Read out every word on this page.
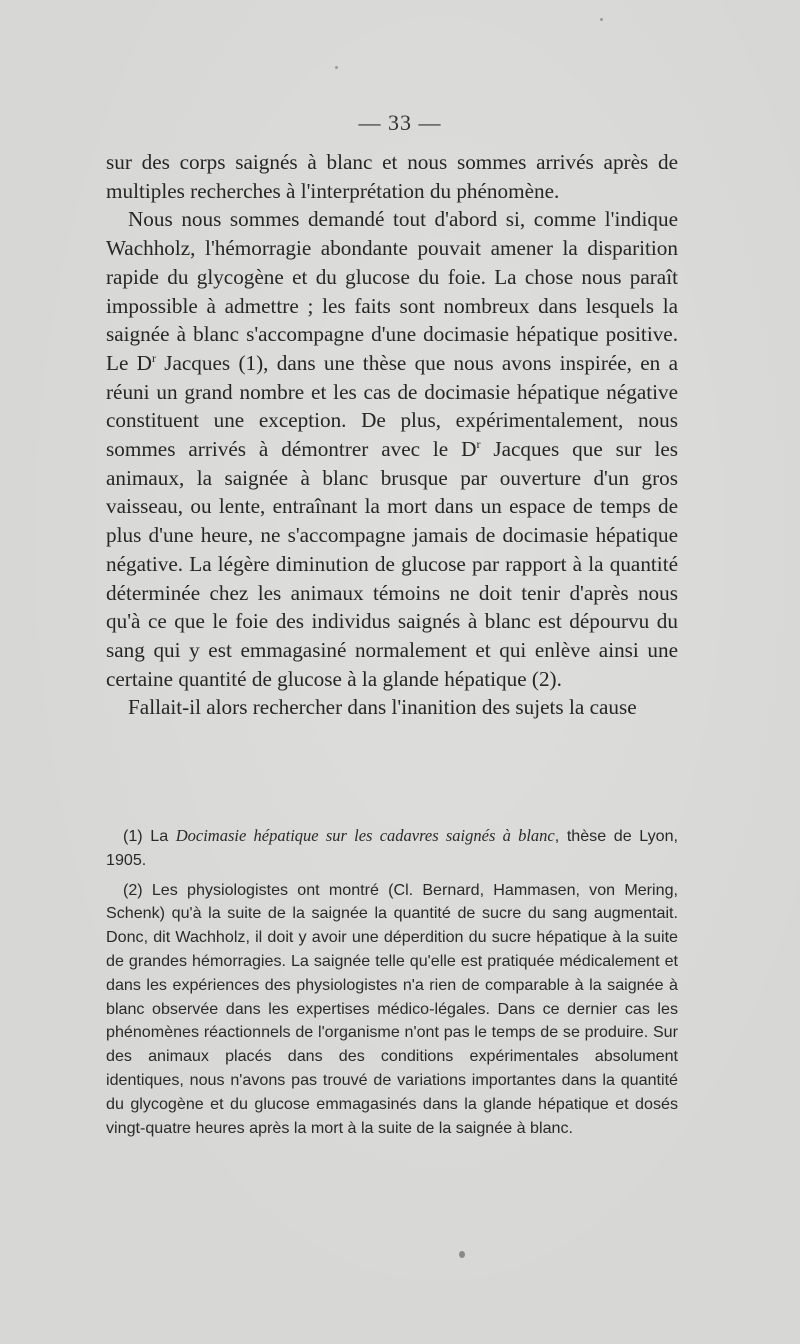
— 33 —

sur des corps saignés à blanc et nous sommes arrivés après de multiples recherches à l'interprétation du phénomène.

Nous nous sommes demandé tout d'abord si, comme l'indique Wachholz, l'hémorragie abondante pouvait amener la disparition rapide du glycogène et du glucose du foie. La chose nous paraît impossible à admettre ; les faits sont nombreux dans lesquels la saignée à blanc s'accompagne d'une docimasie hépatique positive. Le $D^r$ Jacques (1), dans une thèse que nous avons inspirée, en a réuni un grand nombre et les cas de docimasie hépatique négative constituent une exception. De plus, expérimentalement, nous sommes arrivés à démontrer avec le $D^r$ Jacques que sur les animaux, la saignée à blanc brusque par ouverture d'un gros vaisseau, ou lente, entraînant la mort dans un espace de temps de plus d'une heure, ne s'accompagne jamais de docimasie hépatique négative. La légère diminution de glucose par rapport à la quantité déterminée chez les animaux témoins ne doit tenir d'après nous qu'à ce que le foie des individus saignés à blanc est dépourvu du sang qui y est emmagasiné normalement et qui enlève ainsi une certaine quantité de glucose à la glande hépatique (2).

Fallait-il alors rechercher dans l'inanition des sujets la cause

(1) La Docimasie hépatique sur les cadavres saignés à blanc, thèse de Lyon, 1905.

(2) Les physiologistes ont montré (Cl. Bernard, Hammasen, von Mering, Schenk) qu'à la suite de la saignée la quantité de sucre du sang augmentait. Donc, dit Wachholz, il doit y avoir une déperdition du sucre hépatique à la suite de grandes hémorragies. La saignée telle qu'elle est pratiquée médicalement et dans les expériences des physiologistes n'a rien de comparable à la saignée à blanc observée dans les expertises médico-légales. Dans ce dernier cas les phénomènes réactionnels de l'organisme n'ont pas le temps de se produire. Sur des animaux placés dans des conditions expérimentales absolument identiques, nous n'avons pas trouvé de variations importantes dans la quantité du glycogène et du glucose emmagasinés dans la glande hépatique et dosés vingt-quatre heures après la mort à la suite de la saignée à blanc.
